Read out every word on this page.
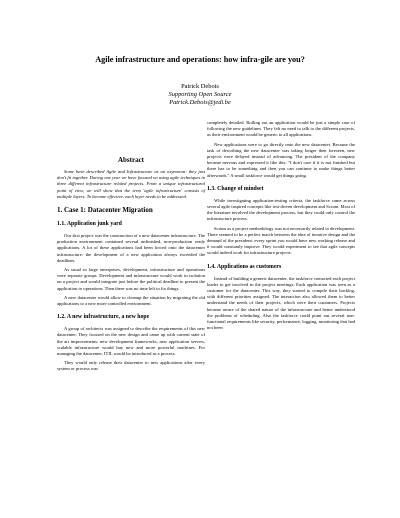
Agile infrastructure and operations: how infra-gile are you?
Patrick Debois
Supporting Open Source
Patrick.Debois@jedi.be
Abstract

Some have described Agile and Infrastructure as an oxymoron: they just don't fit together. During one year we have focused on using agile techniques in three different infrastructure related projects. From a unique infrastructural point of view, we will show that the term 'agile infrastructure' consists of multiple layers. To become effective, each layer needs to be addressed.

1. Case 1: Datacenter Migration
1.1. Application junk yard

Our first project was the construction of a new datacenter infrastructure. The production environment contained several unfinished, non-production ready applications. A lot of these applications had been forced onto the datacenter infrastructure: the development of a new application always exceeded the deadlines.

As usual in large enterprises, development, infrastructure and operations were separate groups. Development and infrastructure would work in isolation on a project and would integrate just before the political deadline to present the application to operations. Then there was no time left to fix things.

A new datacenter would allow to cleanup the situation by migrating the old applications to a new more controlled environment.

1.2. A new infrastructure, a new hope

A group of architects was assigned to describe the requirements of this new datacenter. They focused on the new design and came up with current state of the art improvements: new development frameworks, new application servers, scalable infrastructure would buy new and more powerful machines. For managing the datacenter, ITIL would be introduced as a process.

They would only release their datacenter to new applications after every system or process was

completely detailed. Rolling out an application would be just a simple case of following the new guidelines. They felt no need to talk to the different projects, as their environment would be generic to all applications.

New applications were to go directly onto the new datacenter. Because the task of describing the new datacenter was taking longer then foreseen, new projects were delayed instead of advancing. The president of the company became nervous and expressed it like this: "I don't care if it is not finished but there has to be something and then you can continue to make things better afterwards." A small taskforce would get things going.

1.3. Change of mindset

While investigating application-testing criteria, the taskforce came across several agile inspired concepts like test-driven development and Scrum. Most of the literature involved the development process, but they could only control the infrastructure process.

Scrum as a project methodology was not necessarily related to development. There seemed to be a perfect match between the idea of iterative design and the demand of the president: every sprint you would have new working release and it would constantly improve. They would experiment to see that agile concepts would indeed work for infrastructure projects.

1.4. Applications as customers

Instead of building a generic datacenter, the taskforce contacted each project leader to get involved in the project meetings. Each application was seen as a customer for the datacenter. This way, they started to compile their backlog, with different priorities assigned. The interaction also allowed them to better understand the needs of their projects, which were their customers. Projects became aware of the shared nature of the infrastructure and better understood the problems of scheduling. Also the taskforce could point out several non-functional requirements like security, performance, logging, monitoring that had not been
